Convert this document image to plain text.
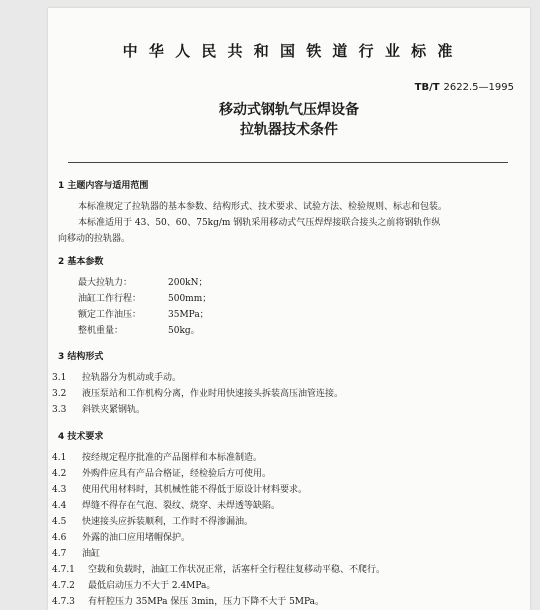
中 华 人 民 共 和 国 铁 道 行 业 标 准
TB/T 2622.5—1995
移动式钢轨气压焊设备
拉轨器技术条件
1 主题内容与适用范围
本标准规定了拉轨器的基本参数、结构形式、技术要求、试验方法、检验规则、标志和包装。
本标准适用于 43、50、60、75kg/m 钢轨采用移动式气压焊焊接联合接头之前将钢轨作纵
向移动的拉轨器。
2 基本参数
最大拉轨力：	200kN；
油缸工作行程：	500mm；
额定工作油压：	35MPa；
整机重量：	50kg。
3 结构形式
3.1 拉轨器分为机动或手动。
3.2 液压泵站和工作机构分离，作业时用快速接头拆装高压油管连接。
3.3 斜铁夹紧钢轨。
4 技术要求
4.1 按经规定程序批准的产品图样和本标准制造。
4.2 外购件应具有产品合格证，经检验后方可使用。
4.3 使用代用材料时，其机械性能不得低于原设计材料要求。
4.4 焊缝不得存在气泡、裂纹、烧穿、未焊透等缺陷。
4.5 快速接头应拆装顺利，工作时不得渗漏油。
4.6 外露的油口应用堵帽保护。
4.7 油缸
4.7.1 空载和负载时，油缸工作状况正常，活塞杆全行程往复移动平稳、不爬行。
4.7.2 最低启动压力不大于 2.4MPa。
4.7.3 有杆腔压力 35MPa 保压 3min，压力下降不大于 5MPa。
